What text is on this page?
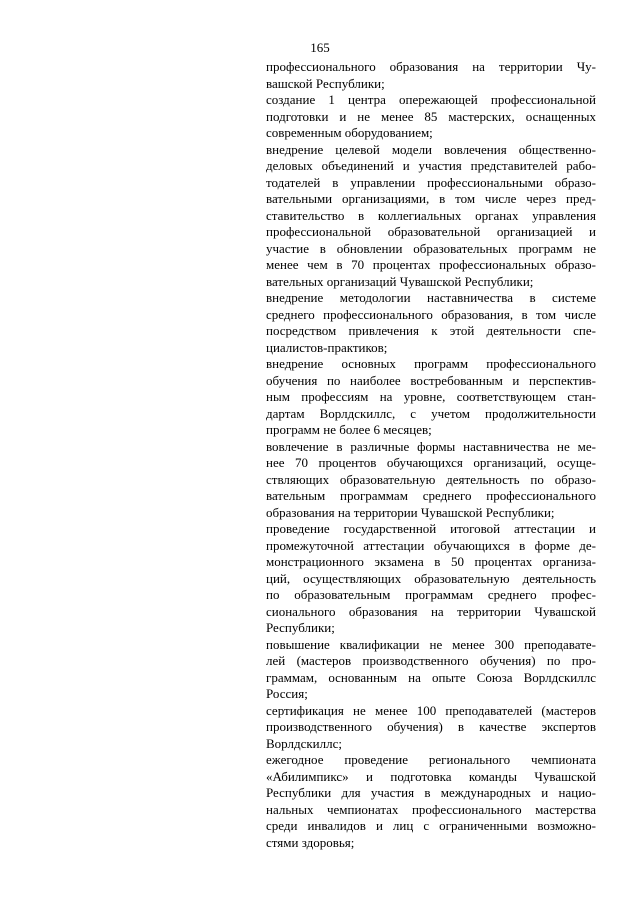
165
профессионального образования на территории Чу-
вашской Республики;
создание 1 центра опережающей профессиональной
подготовки и не менее 85 мастерских, оснащенных
современным оборудованием;
внедрение целевой модели вовлечения общественно-
деловых объединений и участия представителей рабо-
тодателей в управлении профессиональными образо-
вательными организациями, в том числе через пред-
ставительство в коллегиальных органах управления
профессиональной образовательной организацией и
участие в обновлении образовательных программ не
менее чем в 70 процентах профессиональных образо-
вательных организаций Чувашской Республики;
внедрение методологии наставничества в системе
среднего профессионального образования, в том числе
посредством привлечения к этой деятельности спе-
циалистов-практиков;
внедрение основных программ профессионального
обучения по наиболее востребованным и перспектив-
ным профессиям на уровне, соответствующем стан-
дартам Ворлдскиллс, с учетом продолжительности
программ не более 6 месяцев;
вовлечение в различные формы наставничества не ме-
нее 70 процентов обучающихся организаций, осуще-
ствляющих образовательную деятельность по образо-
вательным программам среднего профессионального
образования на территории Чувашской Республики;
проведение государственной итоговой аттестации и
промежуточной аттестации обучающихся в форме де-
монстрационного экзамена в 50 процентах организа-
ций, осуществляющих образовательную деятельность
по образовательным программам среднего профес-
сионального образования на территории Чувашской
Республики;
повышение квалификации не менее 300 преподавате-
лей (мастеров производственного обучения) по про-
граммам, основанным на опыте Союза Ворлдскиллс
Россия;
сертификация не менее 100 преподавателей (мастеров
производственного обучения) в качестве экспертов
Ворлдскиллс;
ежегодное проведение регионального чемпионата
«Абилимпикс» и подготовка команды Чувашской
Республики для участия в международных и нацио-
нальных чемпионатах профессионального мастерства
среди инвалидов и лиц с ограниченными возможно-
стями здоровья;
